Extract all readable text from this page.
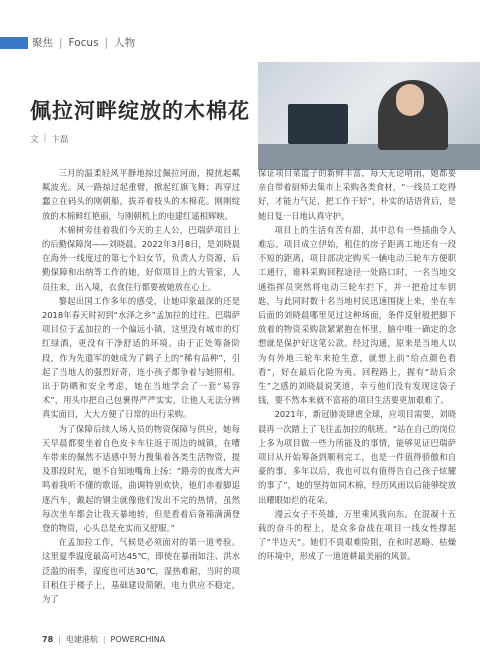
聚焦 | Focus | 人物
佩拉河畔绽放的木棉花
文 | 卞磊

三月的温柔轻风平静地掠过佩拉河面，搅扰起粼粼波光。风一路掠过起重臂，掀起红旗飞舞；再穿过蠢立在码头的刚朝船，拔弄着枝头的木棉花。刚刚绽放的木棉鲜红艳丽，与刚朝机上的电建红遥相辉映。

木棉树旁佳着我们今天的主人公，巴瑞萨项目上的后勤保障岗——刘晓晨。2022年3月8日，是刘晓晨在海外一线度过的第七个妇女节，负责人力资源，后勤保障和出纳等工作的她，好似项目上的大管家，人员往来，出入境，衣食住行都要被她放在心上。

黎起出国工作多年的感受，让她印象最深的还是2018年春天时初到“水泽之乡”孟加拉的过往。巴瑞萨项目位于孟加拉的一个偏远小镇，这里没有城市的灯红绿酒，更没有干净舒适的环境。由于正处筹备阶段，作为先遣军的她成为了鹤子上的“稀有品种”，引起了当地人的强烈好奇，连小孩子都争着与她照相。出于防晒和安全考虑，她在当地学会了一套“易容术”，用头巾把自己包裹得严严实实，让他人无法分辨真实面目，大大方便了日常的出行采购。

为了保障后续人场人员的物资保障与供应，她每天早晨都要坐着自色皮卡车往返于周边的城镇，在嘈车带来的佩然不适感中努力搜集着各类生活物资，提及那段时光，她不自知地嘴角上扬：“路旁的夜鸢大声鸣着我听不懂的歌谣，曲调特别欢快，他们赤着脚追逐汽车，戴起的钢尘就像他们发出不完的热情，虽然每次坐车都会让我天暴地转，但是看着后备箱满满登登的物资，心头总是充实而又舒服。”

在孟加拉工作，气候是必须面对的第一道考验。这里夏季温度最高可达45℃，即使在暴雨如注、洪水泛滥的雨季，湿度也可达30℃，湿热难耐，当时的项目租住于楼子上，基础建设简陋，电力供应不稳定，为了

保证项目菜篮子的新鲜丰富，每天无论晴雨，她都要亲自带着厨师去集市上采购各类食材，“一线员工吃得好，才能力气足，把工作干好”，朴实的话语背后，是她日复一日地认真守护。

项目上的生活有苦有甜，其中总有一些插曲令人难忘。项目成立伊始，租住的房子距离工地还有一段不短的距离，项目部决定购买一辆电动三轮车方便职工通行，谁料采购回程途径一处路口时，一名当地交通指挥员突然将电动三轮车拦下，并一把抢过车钥匙，与此同时数十名当地村民迅速围拢上来，坐在车后面的刘晓晨哪里见过这种场面，条件反射般把脚下放着的物资采购款紧紧抱在怀里，脑中唯一确定的念想就是保护好这笔公款。经过沟通，原来是当地人以为有外地三轮车来抢生意，就想上前“给点颜色看看”，好在最后化险为夷。回程路上，握有“劫后余生”之感的刘晓晨说笑道，幸亏他们没有发现这袋子钱，要不然本来就不富裕的项目生活要更加艰难了。

2021年，新冠肺炎肆虐全球，应项目需要，刘晓晨再一次踏上了飞往孟加拉的航班。“站在自己的岗位上多为项目做一些力所能及的事情，能够见证巴瑞萨项目从开始筹备到顺利完工，也是一件值得骄傲和自豪的事，多年以后，我也可以有值得告自己孩子炫耀的事了”，她的坚持如同木棉，经历风雨以后能够绽放出耀眼如烂的花朵。

漫云女子不英雄，万里乘风我向东。在混凝十五载的奋斗的程上，是众多奋战在项目一线女性撑起了“半边天”。她们不畏艰难险阻，在和时恶略、枯燥的环境中，形成了一道道耕最美丽的风景。

78 | 电建港航 | POWERCHINA
